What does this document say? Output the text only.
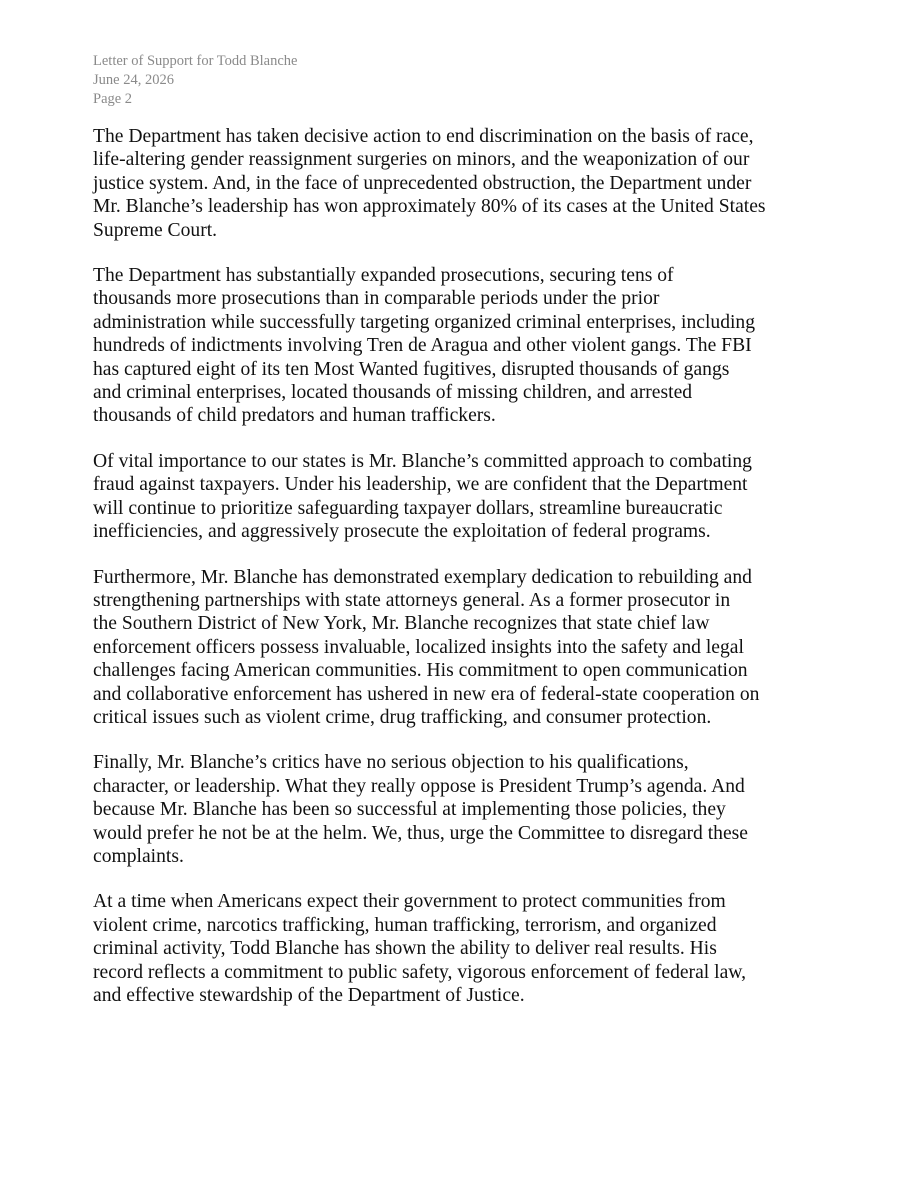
Letter of Support for Todd Blanche
June 24, 2026
Page 2

The Department has taken decisive action to end discrimination on the basis of race,
life-altering gender reassignment surgeries on minors, and the weaponization of our
justice system. And, in the face of unprecedented obstruction, the Department under
Mr. Blanche’s leadership has won approximately 80% of its cases at the United States
Supreme Court.

The Department has substantially expanded prosecutions, securing tens of
thousands more prosecutions than in comparable periods under the prior
administration while successfully targeting organized criminal enterprises, including
hundreds of indictments involving Tren de Aragua and other violent gangs. The FBI
has captured eight of its ten Most Wanted fugitives, disrupted thousands of gangs
and criminal enterprises, located thousands of missing children, and arrested
thousands of child predators and human traffickers.

Of vital importance to our states is Mr. Blanche’s committed approach to combating
fraud against taxpayers. Under his leadership, we are confident that the Department
will continue to prioritize safeguarding taxpayer dollars, streamline bureaucratic
inefficiencies, and aggressively prosecute the exploitation of federal programs.

Furthermore, Mr. Blanche has demonstrated exemplary dedication to rebuilding and
strengthening partnerships with state attorneys general. As a former prosecutor in
the Southern District of New York, Mr. Blanche recognizes that state chief law
enforcement officers possess invaluable, localized insights into the safety and legal
challenges facing American communities. His commitment to open communication
and collaborative enforcement has ushered in new era of federal-state cooperation on
critical issues such as violent crime, drug trafficking, and consumer protection.

Finally, Mr. Blanche’s critics have no serious objection to his qualifications,
character, or leadership. What they really oppose is President Trump’s agenda. And
because Mr. Blanche has been so successful at implementing those policies, they
would prefer he not be at the helm. We, thus, urge the Committee to disregard these
complaints.

At a time when Americans expect their government to protect communities from
violent crime, narcotics trafficking, human trafficking, terrorism, and organized
criminal activity, Todd Blanche has shown the ability to deliver real results. His
record reflects a commitment to public safety, vigorous enforcement of federal law,
and effective stewardship of the Department of Justice.
